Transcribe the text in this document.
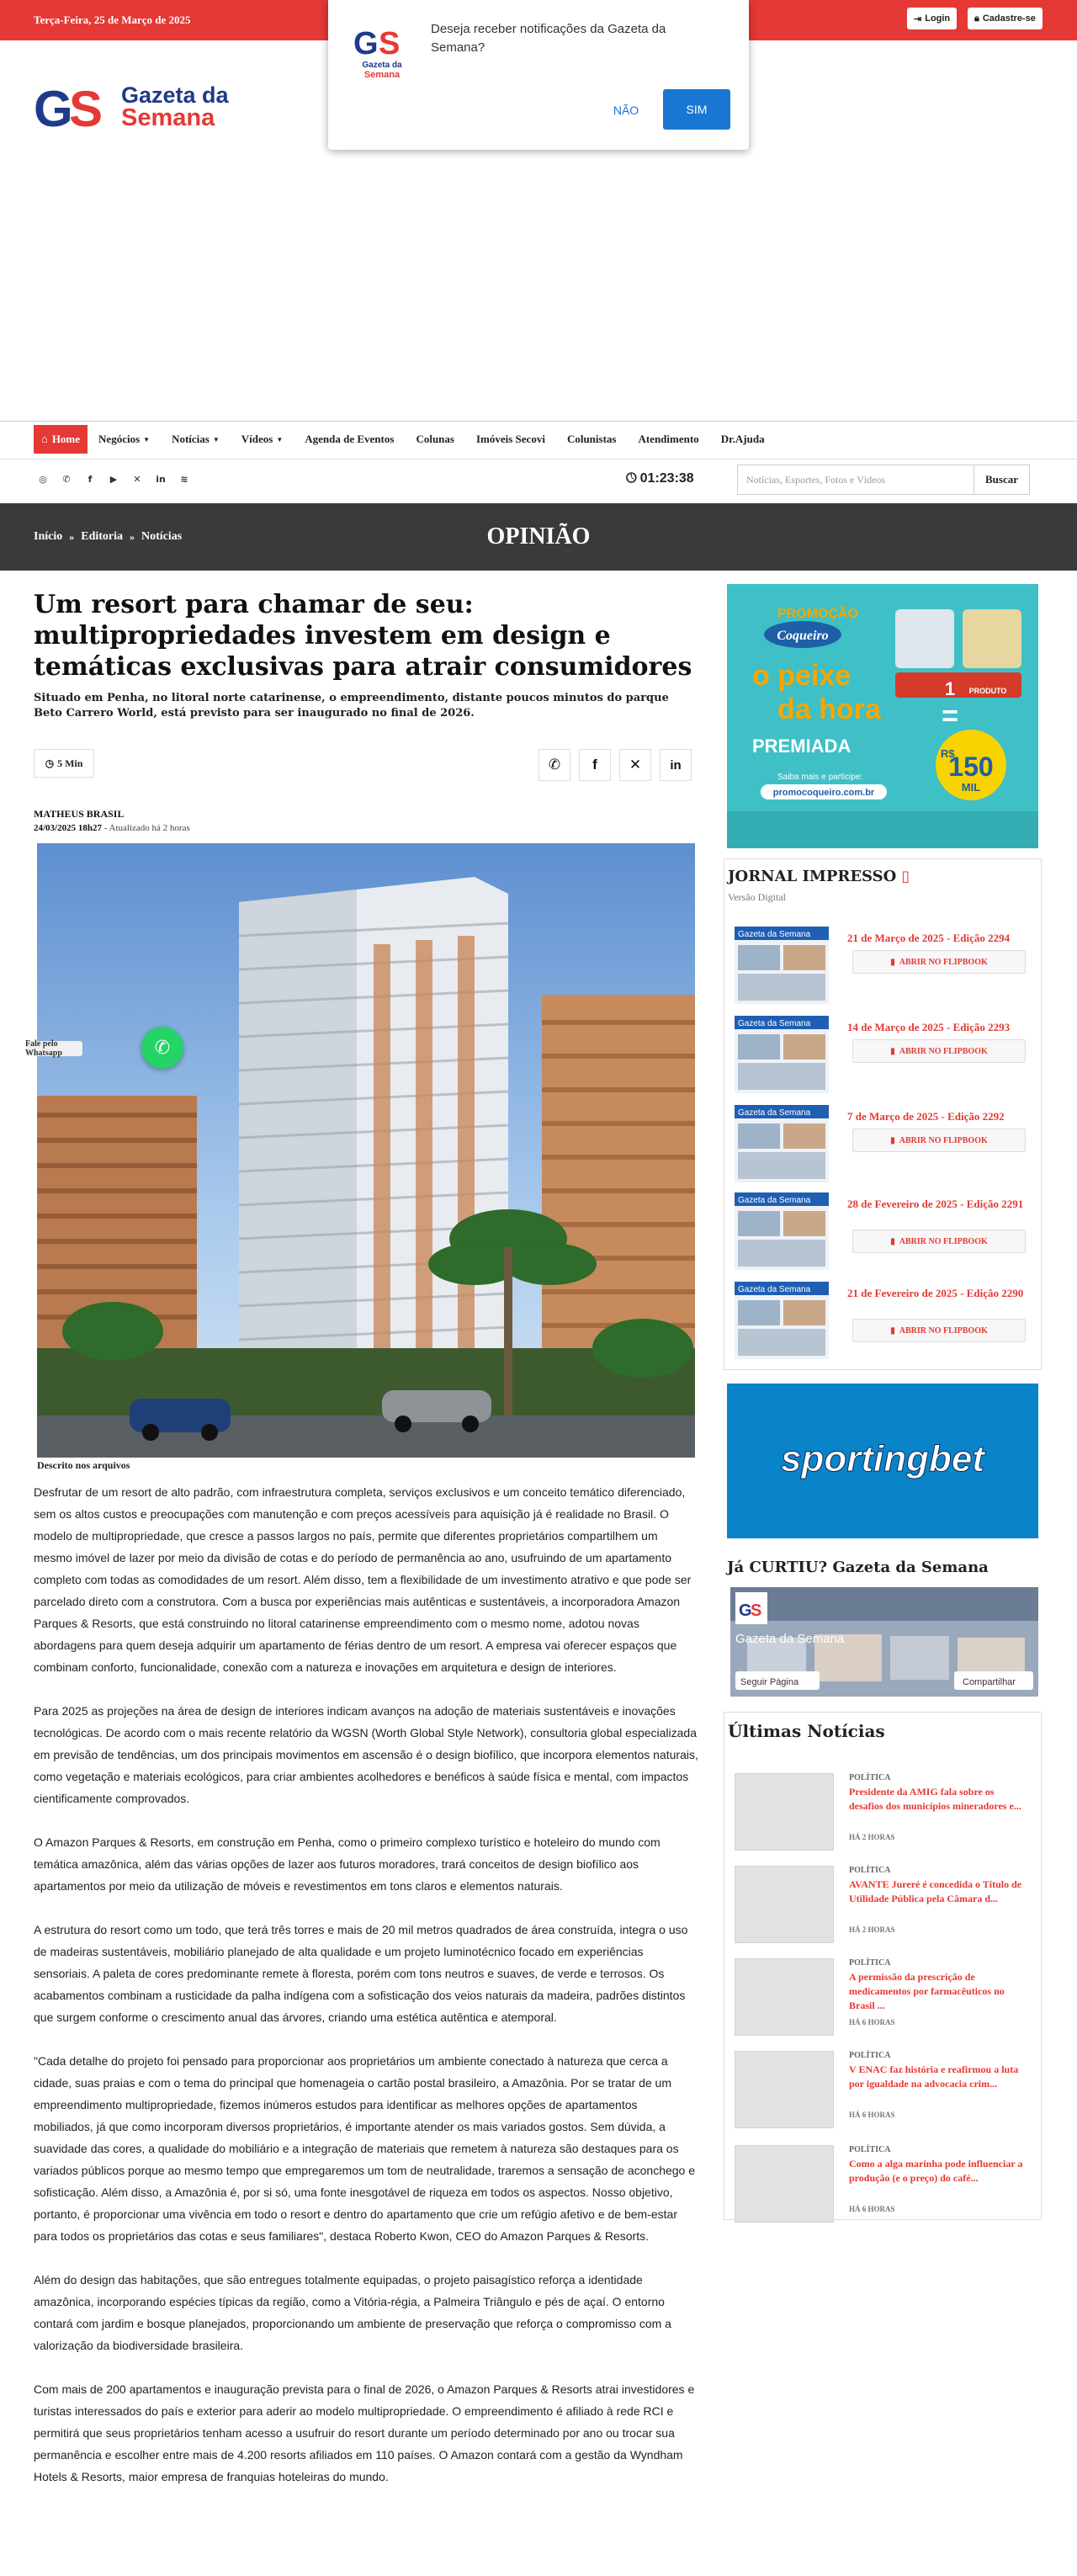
Terça-Feira, 25 de Março de 2025	⇥ Login	🔒︎ Cadastre-se
G S
Gazeta da
Semana
Deseja receber notificações da Gazeta da Semana?
NÃO	SIM
G
S Gazeta da
Semana
⌂ Home Negócios ▼ Notícias ▼ Vídeos ▼ Agenda de Eventos Colunas Imóveis Secovi Colunistas Atendimento Dr.Ajuda
◎ ✆	f	▶ ✕ in ≋	🕓︎ 01:23:38	Notícias, Esportes, Fotos e Vídeos	Buscar
Início » Editoria » Notícias	OPINIÃO
Um resort para chamar de seu: multipropriedades investem em design e temáticas exclusivas para atrair consumidores
Situado em Penha, no litoral norte catarinense, o empreendimento, distante poucos minutos do parque Beto Carrero World, está previsto para ser inaugurado no final de 2026.
◷ 5 Min	✆	f	✕	in
MATHEUS BRASIL
24/03/2025 18h27 - Atualizado há 2 horas
Descrito nos arquivos

Desfrutar de um resort de alto padrão, com infraestrutura completa, serviços exclusivos e um conceito temático diferenciado, sem os altos custos e preocupações com manutenção e com preços acessíveis para aquisição já é realidade no Brasil. O modelo de multipropriedade, que cresce a passos largos no país, permite que diferentes proprietários compartilhem um mesmo imóvel de lazer por meio da divisão de cotas e do período de permanência ao ano, usufruindo de um apartamento completo com todas as comodidades de um resort. Além disso, tem a flexibilidade de um investimento atrativo e que pode ser parcelado direto com a construtora. Com a busca por experiências mais autênticas e sustentáveis, a incorporadora Amazon Parques & Resorts, que está construindo no litoral catarinense empreendimento com o mesmo nome, adotou novas abordagens para quem deseja adquirir um apartamento de férias dentro de um resort. A empresa vai oferecer espaços que combinam conforto, funcionalidade, conexão com a natureza e inovações em arquitetura e design de interiores.

Para 2025 as projeções na área de design de interiores indicam avanços na adoção de materiais sustentáveis e inovações tecnológicas. De acordo com o mais recente relatório da WGSN (Worth Global Style Network), consultoria global especializada em previsão de tendências, um dos principais movimentos em ascensão é o design biofílico, que incorpora elementos naturais, como vegetação e materiais ecológicos, para criar ambientes acolhedores e benéficos à saúde física e mental, com impactos cientificamente comprovados.

O Amazon Parques & Resorts, em construção em Penha, como o primeiro complexo turístico e hoteleiro do mundo com temática amazônica, além das várias opções de lazer aos futuros moradores, trará conceitos de design biofílico aos apartamentos por meio da utilização de móveis e revestimentos em tons claros e elementos naturais.

A estrutura do resort como um todo, que terá três torres e mais de 20 mil metros quadrados de área construída, integra o uso de madeiras sustentáveis, mobiliário planejado de alta qualidade e um projeto luminotécnico focado em experiências sensoriais. A paleta de cores predominante remete à floresta, porém com tons neutros e suaves, de verde e terrosos. Os acabamentos combinam a rusticidade da palha indígena com a sofisticação dos veios naturais da madeira, padrões distintos que surgem conforme o crescimento anual das árvores, criando uma estética autêntica e atemporal.

"Cada detalhe do projeto foi pensado para proporcionar aos proprietários um ambiente conectado à natureza que cerca a cidade, suas praias e com o tema do principal que homenageia o cartão postal brasileiro, a Amazônia. Por se tratar de um empreendimento multipropriedade, fizemos inúmeros estudos para identificar as melhores opções de apartamentos mobiliados, já que como incorporam diversos proprietários, é importante atender os mais variados gostos. Sem dúvida, a suavidade das cores, a qualidade do mobiliário e a integração de materiais que remetem à natureza são destaques para os variados públicos porque ao mesmo tempo que empregaremos um tom de neutralidade, traremos a sensação de aconchego e sofisticação. Além disso, a Amazônia é, por si só, uma fonte inesgotável de riqueza em todos os aspectos. Nosso objetivo, portanto, é proporcionar uma vivência em todo o resort e dentro do apartamento que crie um refúgio afetivo e de bem-estar para todos os proprietários das cotas e seus familiares", destaca Roberto Kwon, CEO do Amazon Parques & Resorts.

Além do design das habitações, que são entregues totalmente equipadas, o projeto paisagístico reforça a identidade amazônica, incorporando espécies típicas da região, como a Vitória-régia, a Palmeira Triângulo e pés de açaí. O entorno contará com jardim e bosque planejados, proporcionando um ambiente de preservação que reforça o compromisso com a valorização da biodiversidade brasileira.

Com mais de 200 apartamentos e inauguração prevista para o final de 2026, o Amazon Parques & Resorts atrai investidores e turistas interessados do país e exterior para aderir ao modelo multipropriedade. O empreendimento é afiliado à rede RCI e permitirá que seus proprietários tenham acesso a usufruir do resort durante um período determinado por ano ou trocar sua permanência e escolher entre mais de 4.200 resorts afiliados em 110 países. O Amazon contará com a gestão da Wyndham Hotels & Resorts, maior empresa de franquias hoteleiras do mundo.

Fale pelo Whatsapp	✆
PROMOÇÃO
Coqueiro
o peixe
da hora
PREMIADA
Saiba mais e participe:
promocoqueiro.com.br
1 PRODUTO
=
R$
150
MIL
JORNAL IMPRESSO ▯
Versão Digital
Gazeta da Semana	21 de Março de 2025 - Edição 2294
▮ ABRIR NO FLIPBOOK
Gazeta da Semana	14 de Março de 2025 - Edição 2293
▮ ABRIR NO FLIPBOOK
Gazeta da Semana	7 de Março de 2025 - Edição 2292
▮ ABRIR NO FLIPBOOK
Gazeta da Semana	28 de Fevereiro de 2025 - Edição 2291
▮ ABRIR NO FLIPBOOK
Gazeta da Semana	21 de Fevereiro de 2025 - Edição 2290
▮ ABRIR NO FLIPBOOK
sportingbet
Já CURTIU? Gazeta da Semana
G
S
Gazeta da Semana
Seguir Página	Compartilhar
Últimas Notícias
POLÍTICA
Presidente da AMIG fala sobre os desafios dos municípios mineradores e...
HÁ 2 HORAS
POLÍTICA
AVANTE Jureré é concedida o Título de Utilidade Pública pela Câmara d...
HÁ 2 HORAS
POLÍTICA
A permissão da prescrição de medicamentos por farmacêuticos no Brasil ...
HÁ 6 HORAS
POLÍTICA
V ENAC faz história e reafirmou a luta por igualdade na advocacia crim...
HÁ 6 HORAS
POLÍTICA
Como a alga marinha pode influenciar a produção (e o preço) do café...
HÁ 6 HORAS
